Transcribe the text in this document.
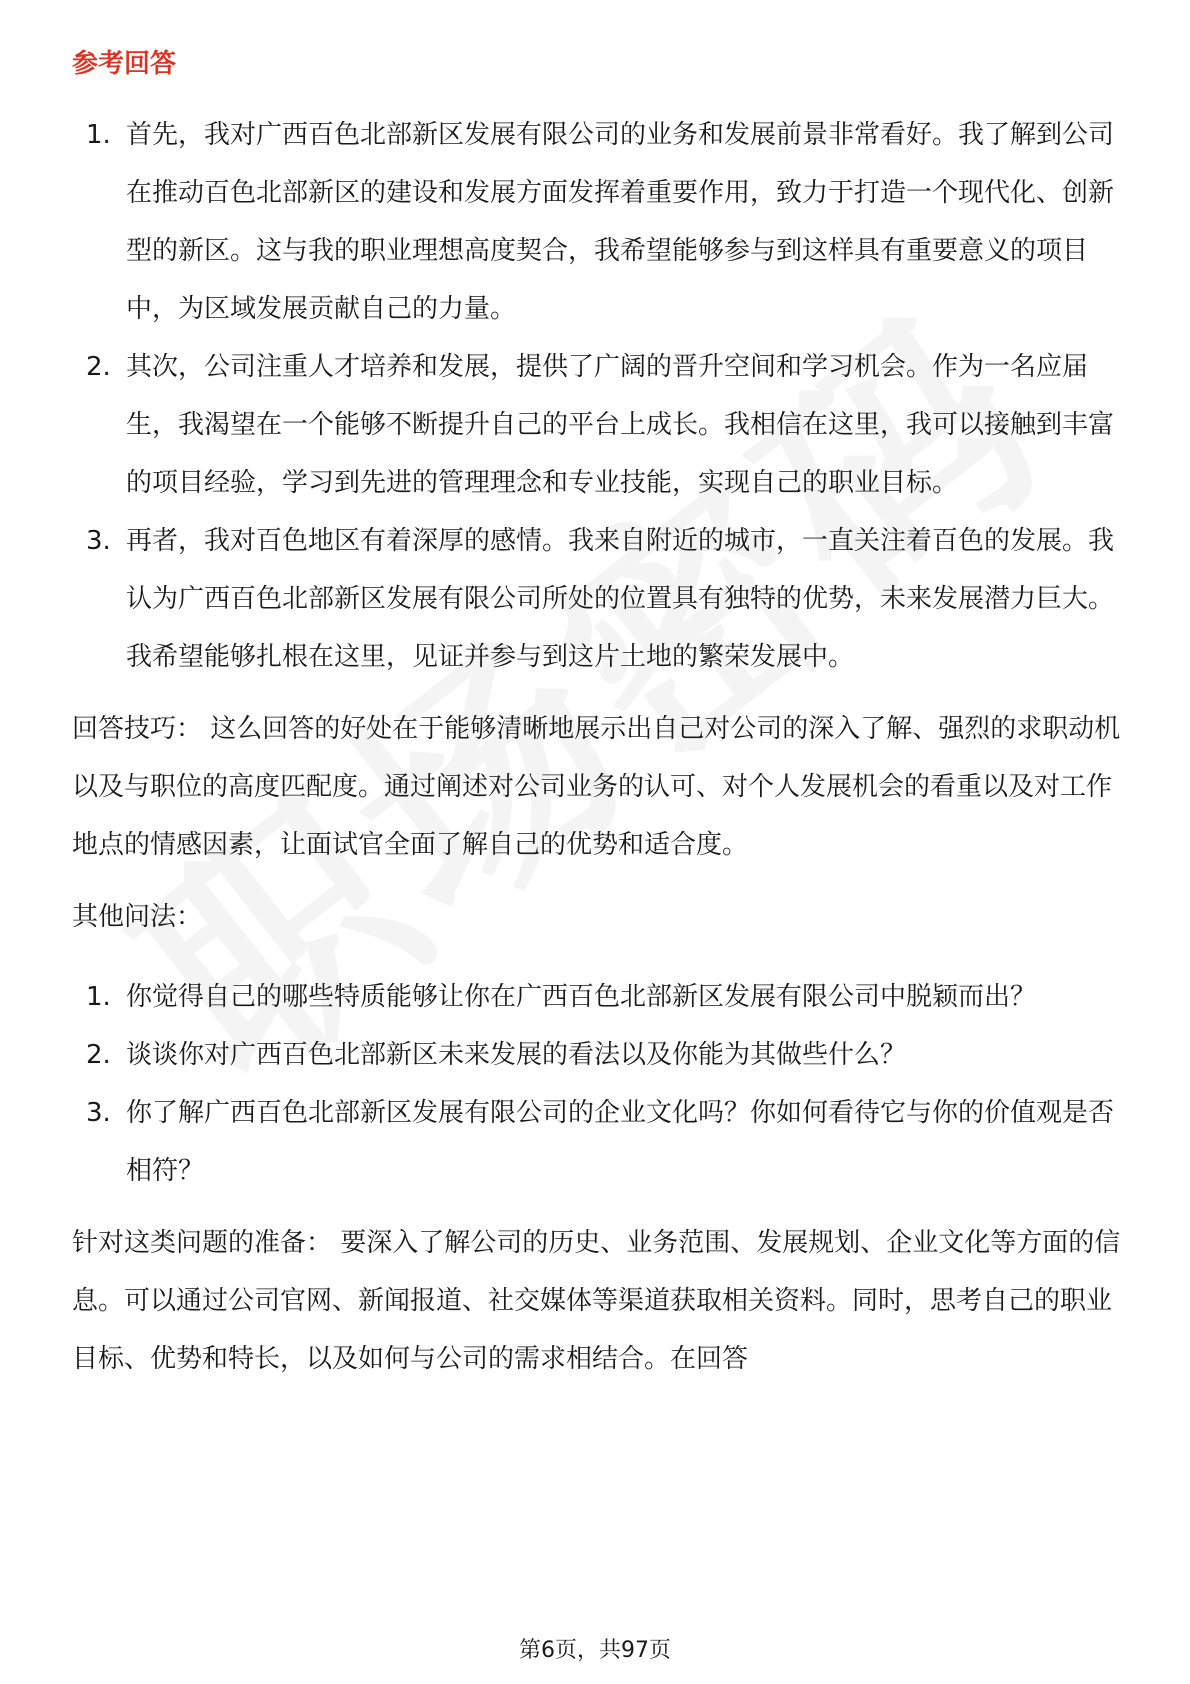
参考回答
1. 首先，我对广西百色北部新区发展有限公司的业务和发展前景非常看好。我了解到公司在推动百色北部新区的建设和发展方面发挥着重要作用，致力于打造一个现代化、创新型的新区。这与我的职业理想高度契合，我希望能够参与到这样具有重要意义的项目中，为区域发展贡献自己的力量。
2. 其次，公司注重人才培养和发展，提供了广阔的晋升空间和学习机会。作为一名应届生，我渴望在一个能够不断提升自己的平台上成长。我相信在这里，我可以接触到丰富的项目经验，学习到先进的管理理念和专业技能，实现自己的职业目标。
3. 再者，我对百色地区有着深厚的感情。我来自附近的城市，一直关注着百色的发展。我认为广西百色北部新区发展有限公司所处的位置具有独特的优势，未来发展潜力巨大。我希望能够扎根在这里，见证并参与到这片土地的繁荣发展中。

回答技巧： 这么回答的好处在于能够清晰地展示出自己对公司的深入了解、强烈的求职动机以及与职位的高度匹配度。通过阐述对公司业务的认可、对个人发展机会的看重以及对工作地点的情感因素，让面试官全面了解自己的优势和适合度。

其他问法：

1. 你觉得自己的哪些特质能够让你在广西百色北部新区发展有限公司中脱颖而出？
2. 谈谈你对广西百色北部新区未来发展的看法以及你能为其做些什么？
3. 你了解广西百色北部新区发展有限公司的企业文化吗？你如何看待它与你的价值观是否相符？

针对这类问题的准备： 要深入了解公司的历史、业务范围、发展规划、企业文化等方面的信息。可以通过公司官网、新闻报道、社交媒体等渠道获取相关资料。同时，思考自己的职业目标、优势和特长，以及如何与公司的需求相结合。在回答

第6页，共97页
